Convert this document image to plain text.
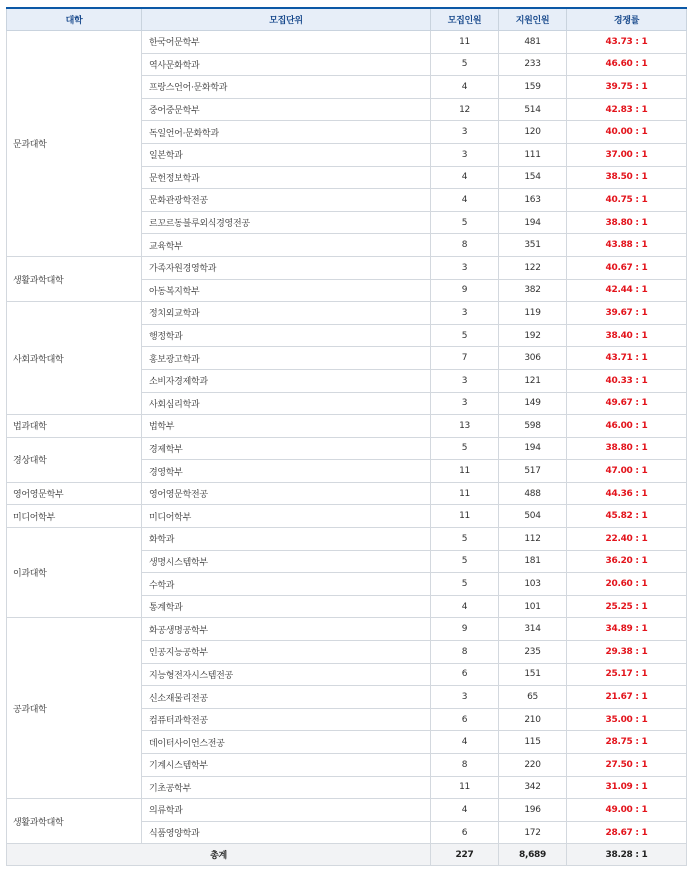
대학	모집단위	모집인원	지원인원	경쟁률
문과대학	한국어문학부	11	481	43.73 : 1
	역사문화학과	5	233	46.60 : 1
	프랑스언어·문화학과	4	159	39.75 : 1
	중어중문학부	12	514	42.83 : 1
	독일언어·문화학과	3	120	40.00 : 1
	일본학과	3	111	37.00 : 1
	문헌정보학과	4	154	38.50 : 1
	문화관광학전공	4	163	40.75 : 1
	르꼬르동블루외식경영전공	5	194	38.80 : 1
	교육학부	8	351	43.88 : 1
생활과학대학	가족자원경영학과	3	122	40.67 : 1
	아동복지학부	9	382	42.44 : 1
사회과학대학	정치외교학과	3	119	39.67 : 1
	행정학과	5	192	38.40 : 1
	홍보광고학과	7	306	43.71 : 1
	소비자경제학과	3	121	40.33 : 1
	사회심리학과	3	149	49.67 : 1
법과대학	법학부	13	598	46.00 : 1
경상대학	경제학부	5	194	38.80 : 1
	경영학부	11	517	47.00 : 1
영어영문학부	영어영문학전공	11	488	44.36 : 1
미디어학부	미디어학부	11	504	45.82 : 1
이과대학	화학과	5	112	22.40 : 1
	생명시스템학부	5	181	36.20 : 1
	수학과	5	103	20.60 : 1
	통계학과	4	101	25.25 : 1
공과대학	화공생명공학부	9	314	34.89 : 1
	인공지능공학부	8	235	29.38 : 1
	지능형전자시스템전공	6	151	25.17 : 1
	신소재물리전공	3	65	21.67 : 1
	컴퓨터과학전공	6	210	35.00 : 1
	데이터사이언스전공	4	115	28.75 : 1
	기계시스템학부	8	220	27.50 : 1
	기초공학부	11	342	31.09 : 1
생활과학대학	의류학과	4	196	49.00 : 1
	식품영양학과	6	172	28.67 : 1
총계		227	8,689	38.28 : 1
